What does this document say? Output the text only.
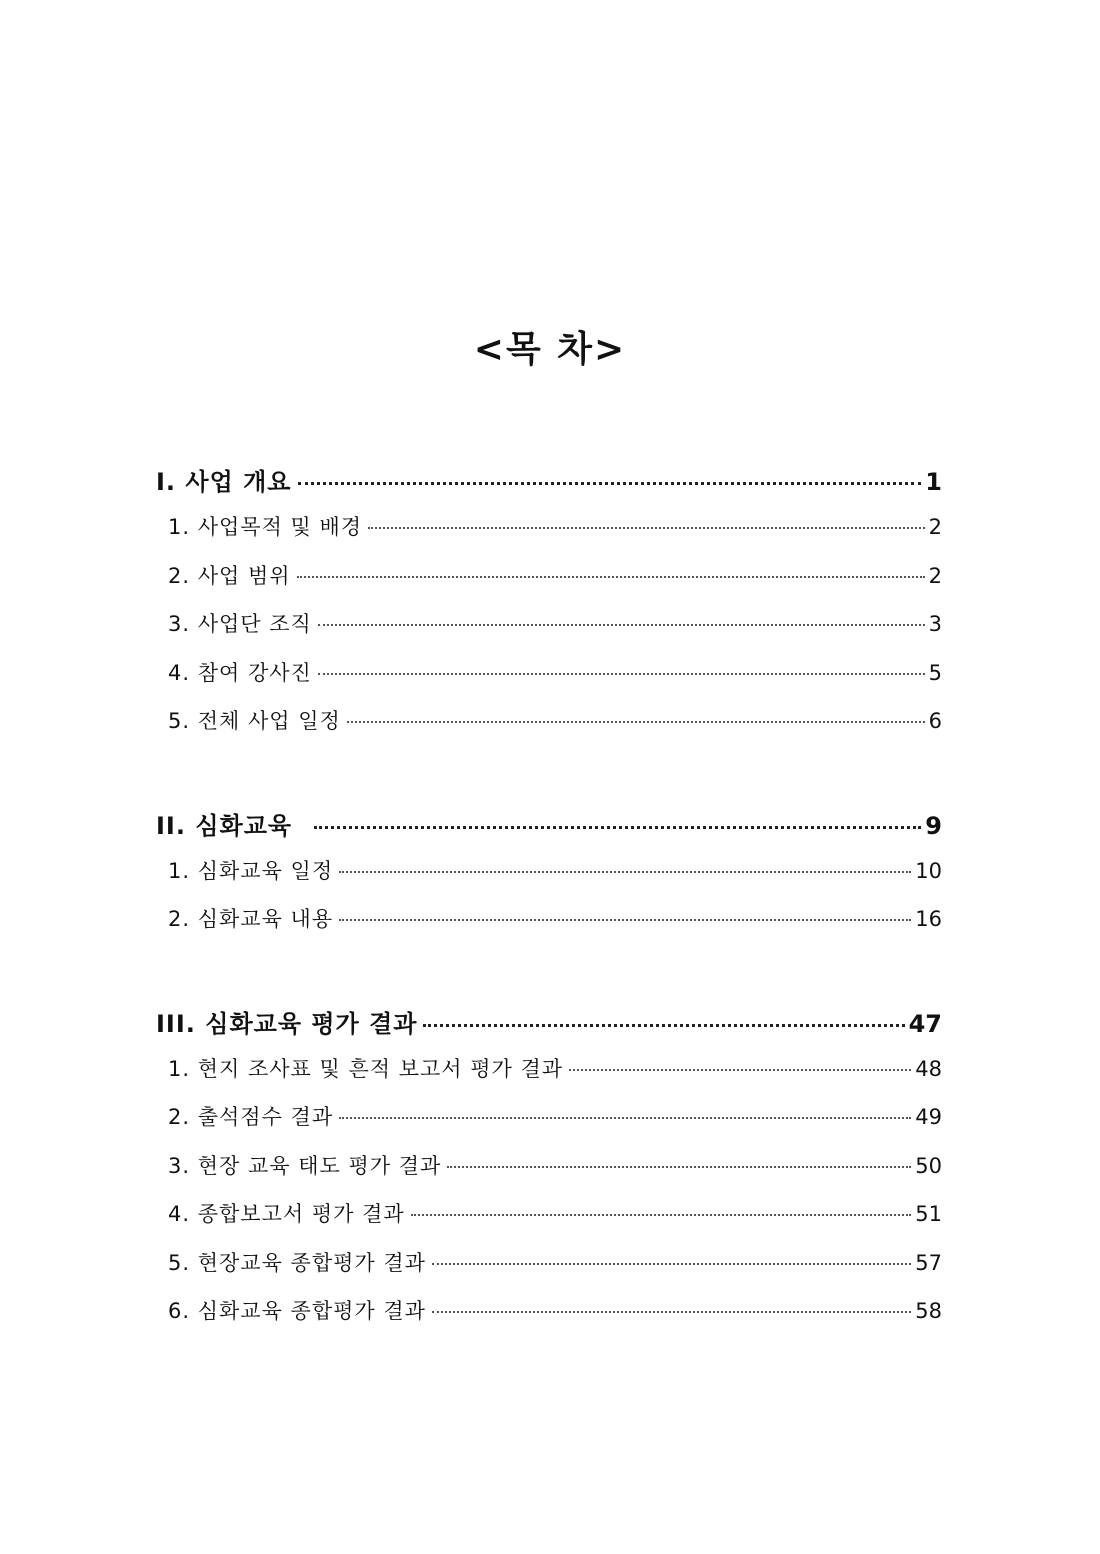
<목 차>
I. 사업 개요	1
1. 사업목적 및 배경	2
2. 사업 범위	2
3. 사업단 조직	3
4. 참여 강사진	5
5. 전체 사업 일정	6
II. 심화교육	9
1. 심화교육 일정	10
2. 심화교육 내용	16
III. 심화교육 평가 결과	47
1. 현지 조사표 및 흔적 보고서 평가 결과	48
2. 출석점수 결과	49
3. 현장 교육 태도 평가 결과	50
4. 종합보고서 평가 결과	51
5. 현장교육 종합평가 결과	57
6. 심화교육 종합평가 결과	58
